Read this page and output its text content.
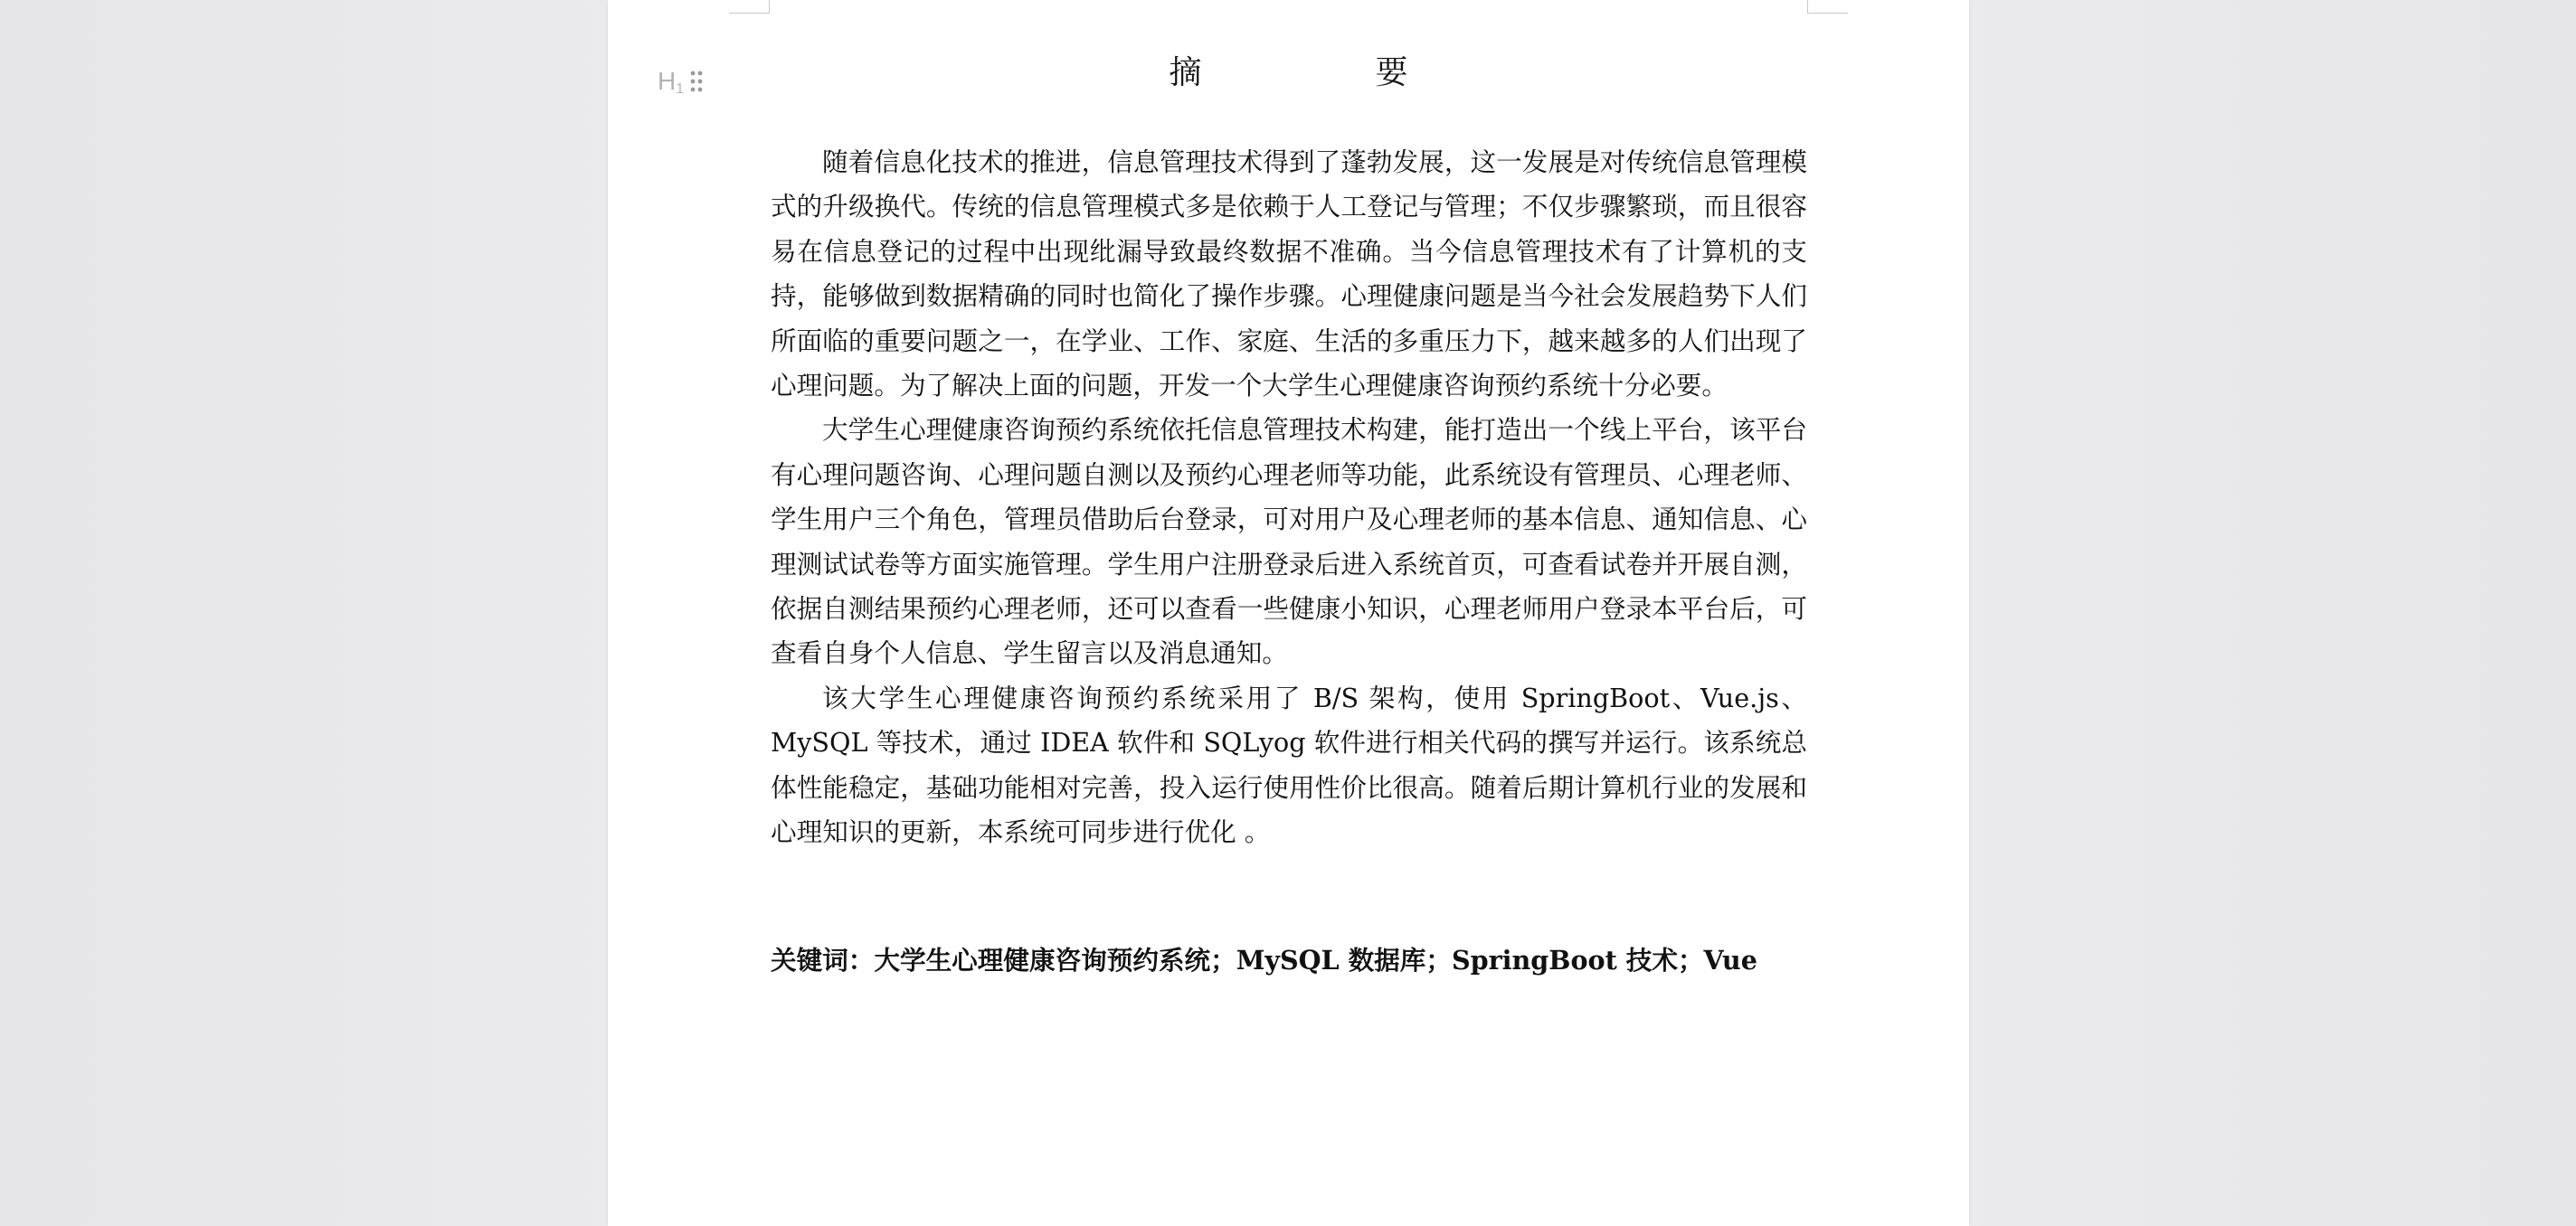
$H_1$	摘　　要

随着信息化技术的推进，信息管理技术得到了蓬勃发展，这一发展是对传统信息管理模式的升级换代。传统的信息管理模式多是依赖于人工登记与管理；不仅步骤繁琐，而且很容易在信息登记的过程中出现纰漏导致最终数据不准确。当今信息管理技术有了计算机的支持，能够做到数据精确的同时也简化了操作步骤。心理健康问题是当今社会发展趋势下人们所面临的重要问题之一，在学业、工作、家庭、生活的多重压力下，越来越多的人们出现了心理问题。为了解决上面的问题，开发一个大学生心理健康咨询预约系统十分必要。

大学生心理健康咨询预约系统依托信息管理技术构建，能打造出一个线上平台，该平台有心理问题咨询、心理问题自测以及预约心理老师等功能，此系统设有管理员、心理老师、学生用户三个角色，管理员借助后台登录，可对用户及心理老师的基本信息、通知信息、心理测试试卷等方面实施管理。学生用户注册登录后进入系统首页，可查看试卷并开展自测，依据自测结果预约心理老师，还可以查看一些健康小知识，心理老师用户登录本平台后，可查看自身个人信息、学生留言以及消息通知。

该大学生心理健康咨询预约系统采用了 B/S 架构，使用 SpringBoot、Vue.js、MySQL 等技术，通过 IDEA 软件和 SQLyog 软件进行相关代码的撰写并运行。该系统总体性能稳定，基础功能相对完善，投入运行使用性价比很高。随着后期计算机行业的发展和心理知识的更新，本系统可同步进行优化 。

关键词：大学生心理健康咨询预约系统；MySQL 数据库；SpringBoot 技术；Vue
